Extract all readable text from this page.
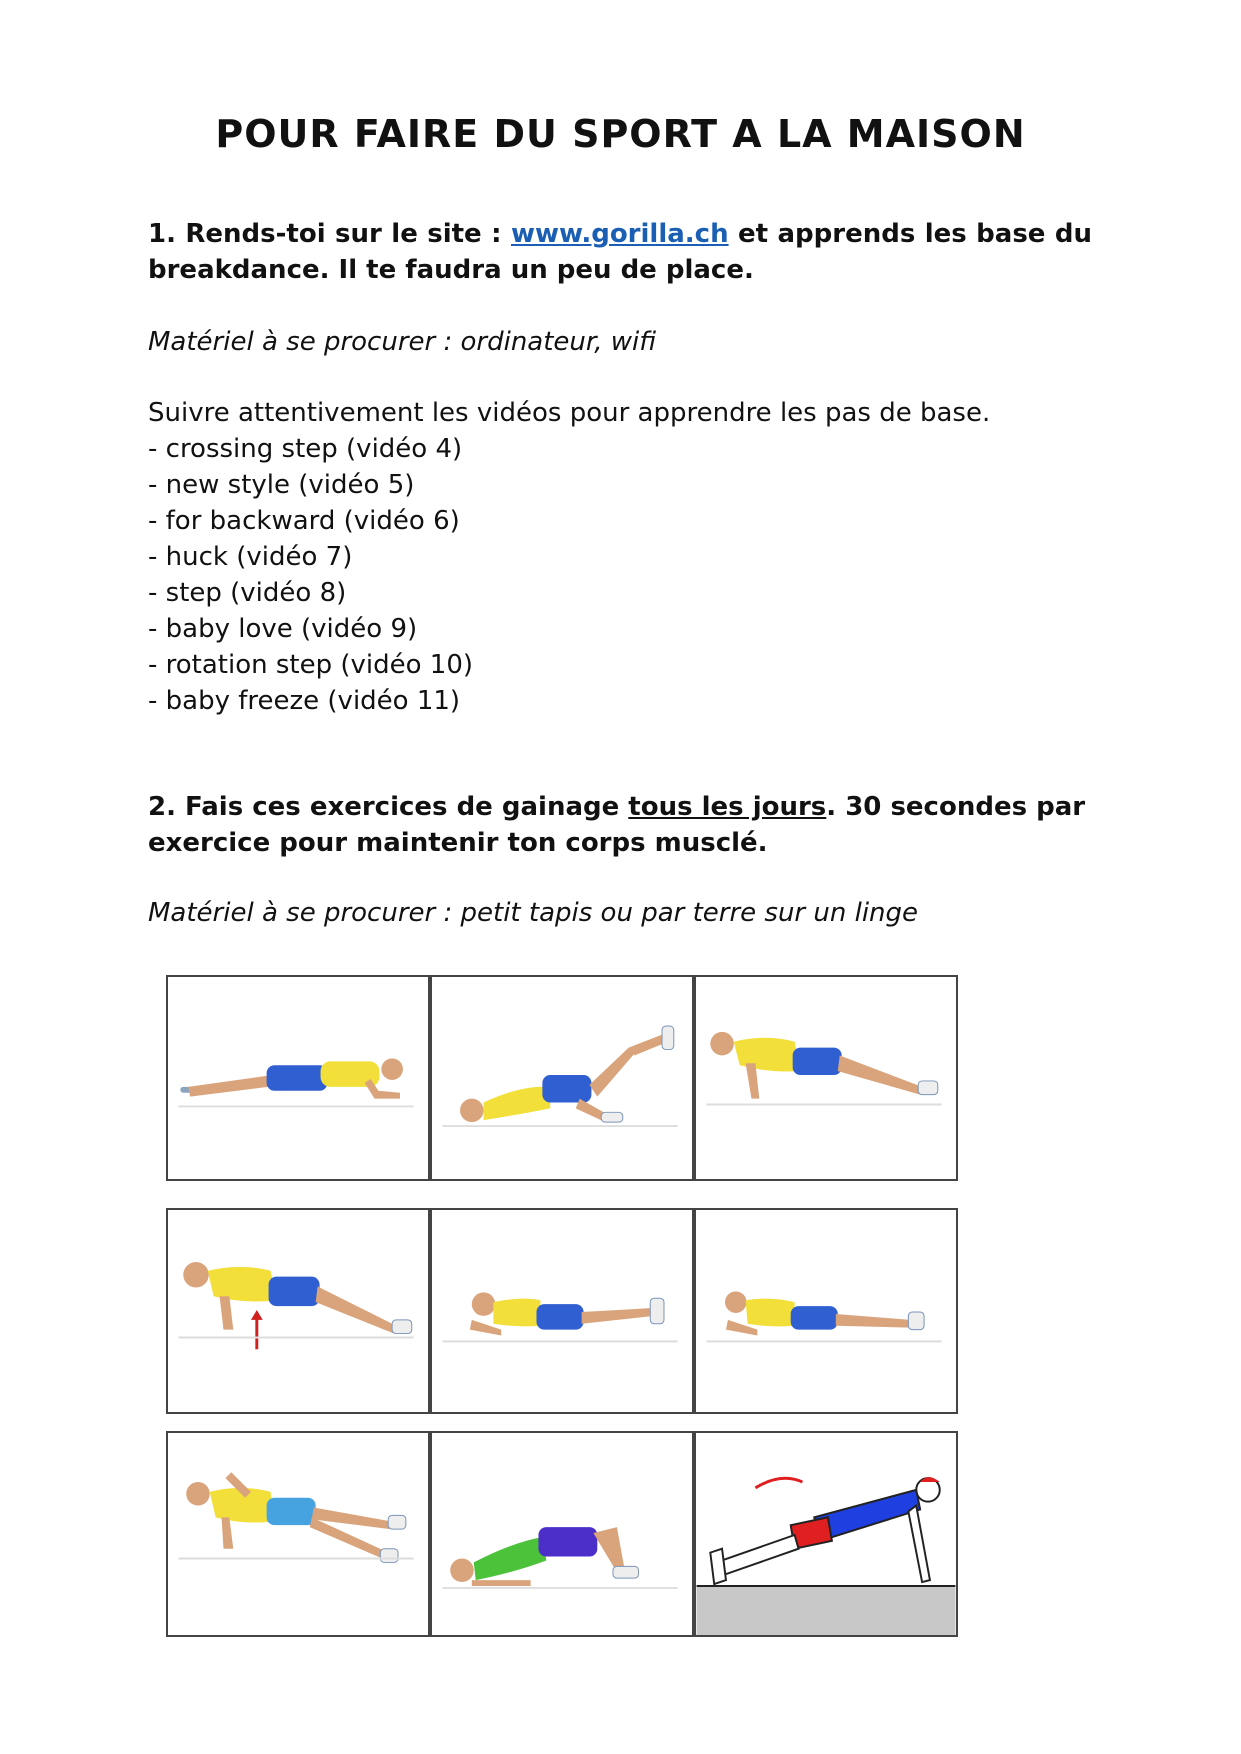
POUR FAIRE DU SPORT A LA MAISON
1. Rends-toi sur le site : www.gorilla.ch et apprends les base du breakdance. Il te faudra un peu de place.
Matériel à se procurer : ordinateur, wifi
Suivre attentivement les vidéos pour apprendre les pas de base.
- crossing step (vidéo 4)
- new style (vidéo 5)
- for backward (vidéo 6)
- huck (vidéo 7)
- step (vidéo 8)
- baby love (vidéo 9)
- rotation step (vidéo 10)
- baby freeze (vidéo 11)
2. Fais ces exercices de gainage tous les jours. 30 secondes par exercice pour maintenir ton corps musclé.
Matériel à se procurer : petit tapis ou par terre sur un linge
